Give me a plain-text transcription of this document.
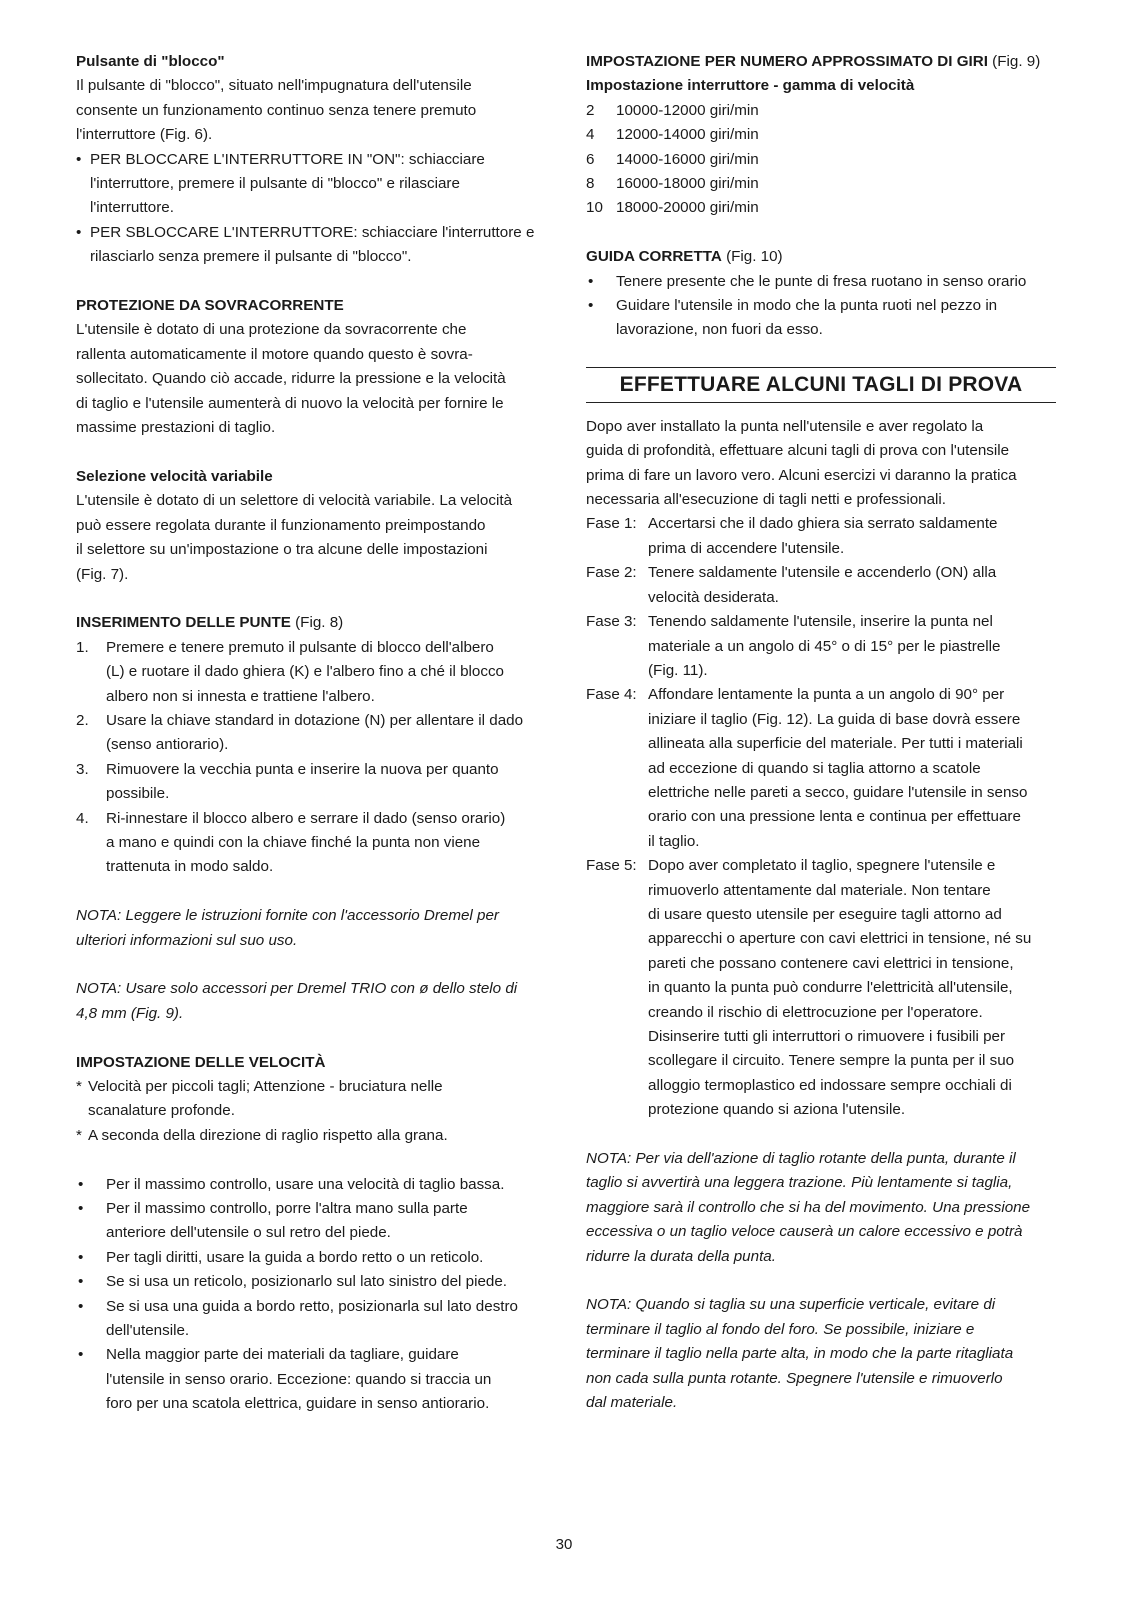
Pulsante di "blocco"

Il pulsante di "blocco", situato nell'impugnatura dell'utensile

consente un funzionamento continuo senza tenere premuto

l'interruttore (Fig. 6).

• PER BLOCCARE L'INTERRUTTORE IN "ON": schiacciare
l'interruttore, premere il pulsante di "blocco" e rilasciare
l'interruttore.
• PER SBLOCCARE L'INTERRUTTORE: schiacciare l'interruttore e
rilasciarlo senza premere il pulsante di "blocco".

PROTEZIONE DA SOVRACORRENTE

L'utensile è dotato di una protezione da sovracorrente che

rallenta automaticamente il motore quando questo è sovra-

sollecitato. Quando ciò accade, ridurre la pressione e la velocità

di taglio e l'utensile aumenterà di nuovo la velocità per fornire le

massime prestazioni di taglio.

Selezione velocità variabile

L'utensile è dotato di un selettore di velocità variabile. La velocità

può essere regolata durante il funzionamento preimpostando

il selettore su un'impostazione o tra alcune delle impostazioni

(Fig. 7).

INSERIMENTO DELLE PUNTE (Fig. 8)

1.	Premere e tenere premuto il pulsante di blocco dell'albero
(L) e ruotare il dado ghiera (K) e l'albero fino a ché il blocco
albero non si innesta e trattiene l'albero.
2.	Usare la chiave standard in dotazione (N) per allentare il dado
(senso antiorario).
3.	Rimuovere la vecchia punta e inserire la nuova per quanto
possibile.
4.	Ri-innestare il blocco albero e serrare il dado (senso orario)
a mano e quindi con la chiave finché la punta non viene
trattenuta in modo saldo.

NOTA: Leggere le istruzioni fornite con l'accessorio Dremel per

ulteriori informazioni sul suo uso.

NOTA: Usare solo accessori per Dremel TRIO con ø dello stelo di

4,8 mm (Fig. 9).

IMPOSTAZIONE DELLE VELOCITÀ

* Velocità per piccoli tagli; Attenzione - bruciatura nelle
scanalature profonde.
* A seconda della direzione di raglio rispetto alla grana.
•	Per il massimo controllo, usare una velocità di taglio bassa.
•	Per il massimo controllo, porre l'altra mano sulla parte
anteriore dell'utensile o sul retro del piede.
•	Per tagli diritti, usare la guida a bordo retto o un reticolo.
•	Se si usa un reticolo, posizionarlo sul lato sinistro del piede.
•	Se si usa una guida a bordo retto, posizionarla sul lato destro
dell'utensile.
•	Nella maggior parte dei materiali da tagliare, guidare
l'utensile in senso orario. Eccezione: quando si traccia un
foro per una scatola elettrica, guidare in senso antiorario.

IMPOSTAZIONE PER NUMERO APPROSSIMATO DI GIRI (Fig. 9)

Impostazione interruttore - gamma di velocità

2	10000-12000 giri/min
4	12000-14000 giri/min
6	14000-16000 giri/min
8	16000-18000 giri/min
10 18000-20000 giri/min

GUIDA CORRETTA (Fig. 10)

•	Tenere presente che le punte di fresa ruotano in senso orario
•	Guidare l'utensile in modo che la punta ruoti nel pezzo in
lavorazione, non fuori da esso.
EFFETTUARE ALCUNI TAGLI DI PROVA

Dopo aver installato la punta nell'utensile e aver regolato la

guida di profondità, effettuare alcuni tagli di prova con l'utensile

prima di fare un lavoro vero. Alcuni esercizi vi daranno la pratica

necessaria all'esecuzione di tagli netti e professionali.

Fase 1: Accertarsi che il dado ghiera sia serrato saldamente
prima di accendere l'utensile.
Fase 2: Tenere saldamente l'utensile e accenderlo (ON) alla
velocità desiderata.
Fase 3: Tenendo saldamente l'utensile, inserire la punta nel
materiale a un angolo di 45° o di 15° per le piastrelle
(Fig. 11).
Fase 4: Affondare lentamente la punta a un angolo di 90° per
iniziare il taglio (Fig. 12). La guida di base dovrà essere
allineata alla superficie del materiale. Per tutti i materiali
ad eccezione di quando si taglia attorno a scatole
elettriche nelle pareti a secco, guidare l'utensile in senso
orario con una pressione lenta e continua per effettuare
il taglio.
Fase 5: Dopo aver completato il taglio, spegnere l'utensile e
rimuoverlo attentamente dal materiale. Non tentare
di usare questo utensile per eseguire tagli attorno ad
apparecchi o aperture con cavi elettrici in tensione, né su
pareti che possano contenere cavi elettrici in tensione,
in quanto la punta può condurre l'elettricità all'utensile,
creando il rischio di elettrocuzione per l'operatore.
Disinserire tutti gli interruttori o rimuovere i fusibili per
scollegare il circuito. Tenere sempre la punta per il suo
alloggio termoplastico ed indossare sempre occhiali di
protezione quando si aziona l'utensile.

NOTA: Per via dell'azione di taglio rotante della punta, durante il

taglio si avvertirà una leggera trazione. Più lentamente si taglia,

maggiore sarà il controllo che si ha del movimento. Una pressione

eccessiva o un taglio veloce causerà un calore eccessivo e potrà

ridurre la durata della punta.

NOTA: Quando si taglia su una superficie verticale, evitare di

terminare il taglio al fondo del foro. Se possibile, iniziare e

terminare il taglio nella parte alta, in modo che la parte ritagliata

non cada sulla punta rotante. Spegnere l'utensile e rimuoverlo

dal materiale.

30
